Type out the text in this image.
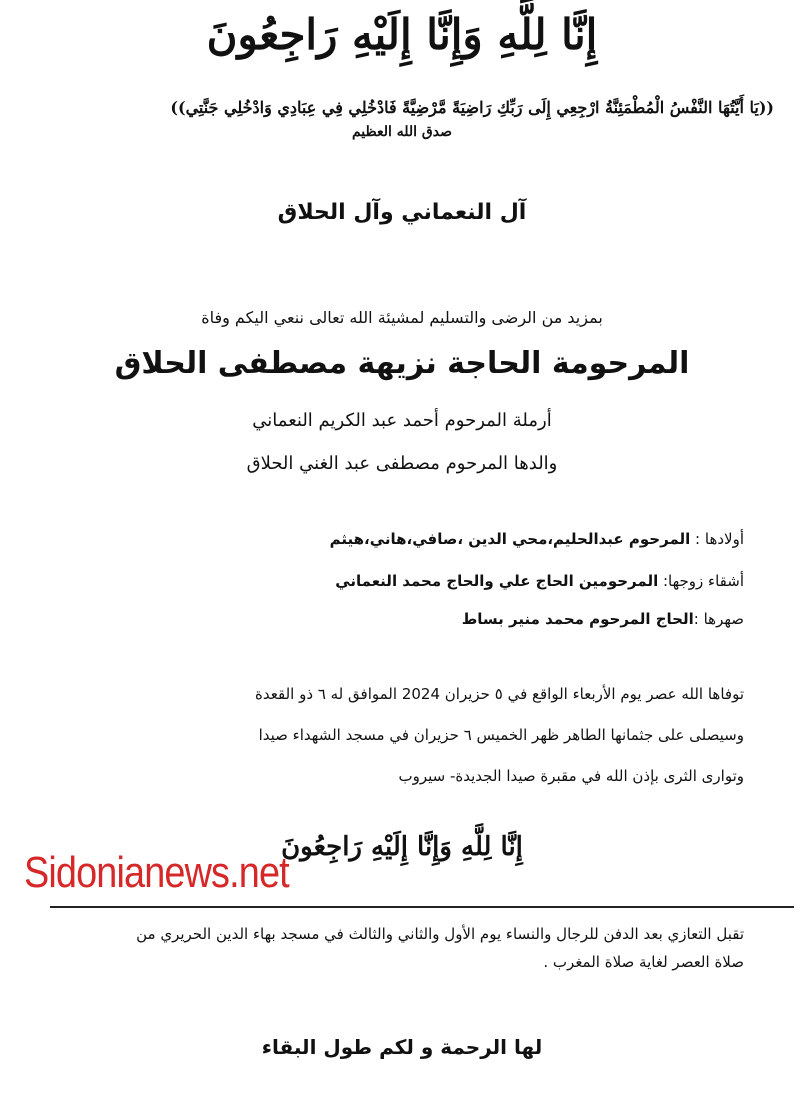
إِنَّا لِلَّهِ وَإِنَّا إِلَيْهِ رَاجِعُونَ
((يَا أَيَّتُهَا النَّفْسُ الْمُطْمَئِنَّةُ ارْجِعِي إِلَى رَبِّكِ رَاضِيَةً مَّرْضِيَّةً فَادْخُلِي فِي عِبَادِي وَادْخُلِي جَنَّتِي))
صدق الله العظيم
آل النعماني وآل الحلاق
بمزيد من الرضى والتسليم لمشيئة الله تعالى ننعي اليكم وفاة
المرحومة الحاجة نزيهة مصطفى الحلاق
أرملة المرحوم أحمد عبد الكريم النعماني
والدها المرحوم مصطفى عبد الغني الحلاق
أولادها : المرحوم عبدالحليم،محي الدين ،صافي،هاني،هيثم
أشقاء زوجها: المرحومين الحاج علي والحاج محمد النعماني
صهرها :الحاج المرحوم محمد منير بساط
توفاها الله عصر يوم الأربعاء الواقع في ٥ حزيران 2024 الموافق له ٦ ذو القعدة
وسيصلى على جثمانها الطاهر ظهر الخميس ٦ حزيران في مسجد الشهداء صيدا
وتوارى الثرى بإذن الله في مقبرة صيدا الجديدة- سيروب
إِنَّا لِلَّهِ وَإِنَّا إِلَيْهِ رَاجِعُونَ
Sidonianews.net
تقبل التعازي بعد الدفن للرجال والنساء يوم الأول والثاني والثالث في مسجد بهاء الدين الحريري من
صلاة العصر لغاية صلاة المغرب .
لها الرحمة و لكم طول البقاء
